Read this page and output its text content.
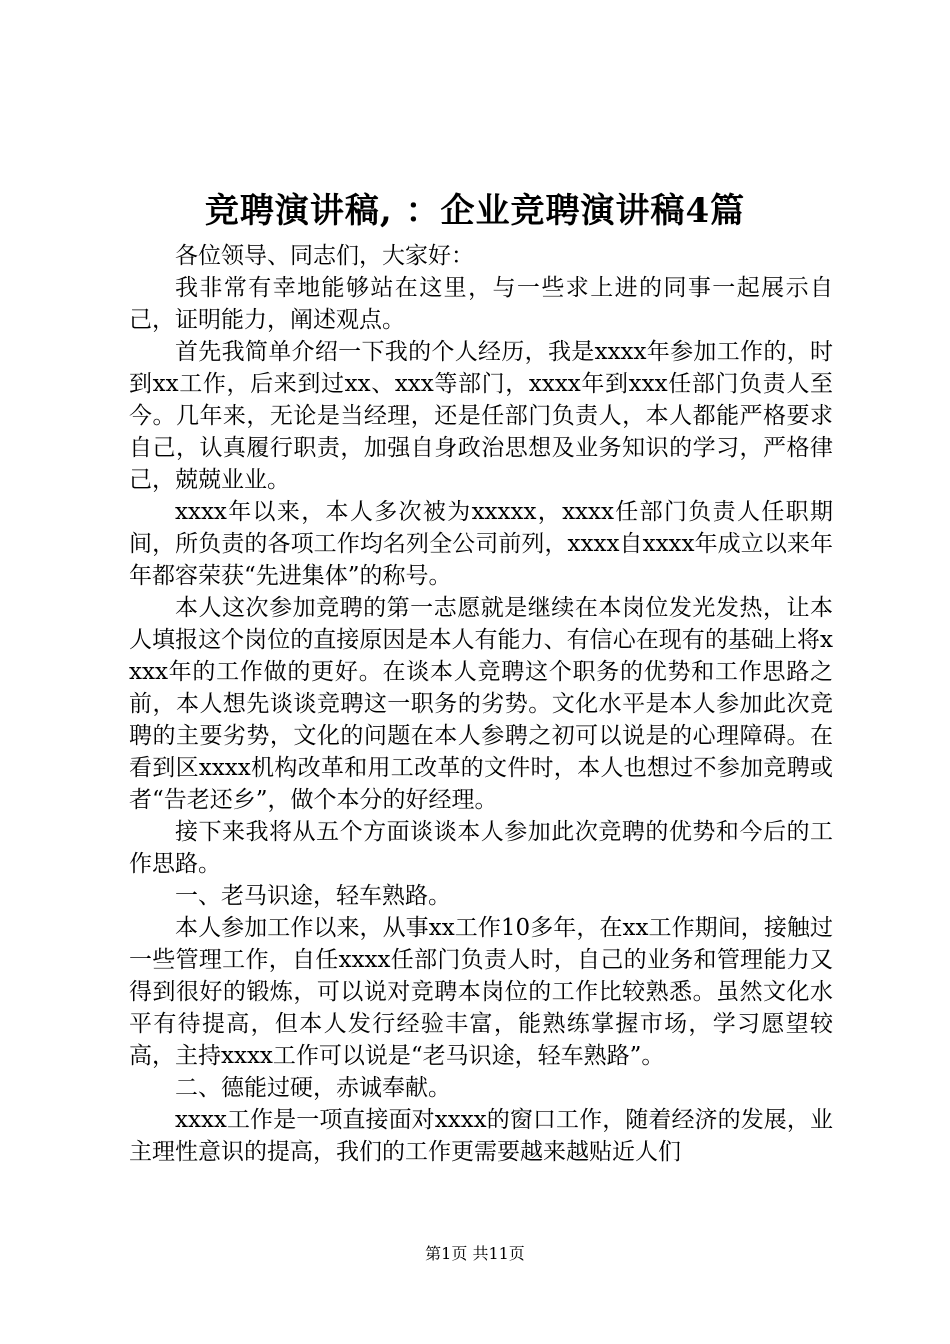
竞聘演讲稿, ：企业竞聘演讲稿4篇

各位领导、同志们，大家好：

我非常有幸地能够站在这里，与一些求上进的同事一起展示自己，证明能力，阐述观点。

首先我简单介绍一下我的个人经历，我是xxxx年参加工作的，时到xx工作，后来到过xx、xxx等部门，xxxx年到xxx任部门负责人至今。几年来，无论是当经理，还是任部门负责人，本人都能严格要求自己，认真履行职责，加强自身政治思想及业务知识的学习，严格律己，兢兢业业。

xxxx年以来，本人多次被为xxxxx，xxxx任部门负责人任职期间，所负责的各项工作均名列全公司前列，xxxx自xxxx年成立以来年年都容荣获“先进集体”的称号。

本人这次参加竞聘的第一志愿就是继续在本岗位发光发热，让本人填报这个岗位的直接原因是本人有能力、有信心在现有的基础上将xxxx年的工作做的更好。在谈本人竞聘这个职务的优势和工作思路之前，本人想先谈谈竞聘这一职务的劣势。文化水平是本人参加此次竞聘的主要劣势，文化的问题在本人参聘之初可以说是的心理障碍。在看到区xxxx机构改革和用工改革的文件时，本人也想过不参加竞聘或者“告老还乡”，做个本分的好经理。

接下来我将从五个方面谈谈本人参加此次竞聘的优势和今后的工作思路。

一、老马识途，轻车熟路。

本人参加工作以来，从事xx工作10多年，在xx工作期间，接触过一些管理工作，自任xxxx任部门负责人时，自己的业务和管理能力又得到很好的锻炼，可以说对竞聘本岗位的工作比较熟悉。虽然文化水平有待提高，但本人发行经验丰富，能熟练掌握市场，学习愿望较高，主持xxxx工作可以说是“老马识途，轻车熟路”。

二、德能过硬，赤诚奉献。

xxxx工作是一项直接面对xxxx的窗口工作，随着经济的发展，业主理性意识的提高，我们的工作更需要越来越贴近人们

第1页 共11页
